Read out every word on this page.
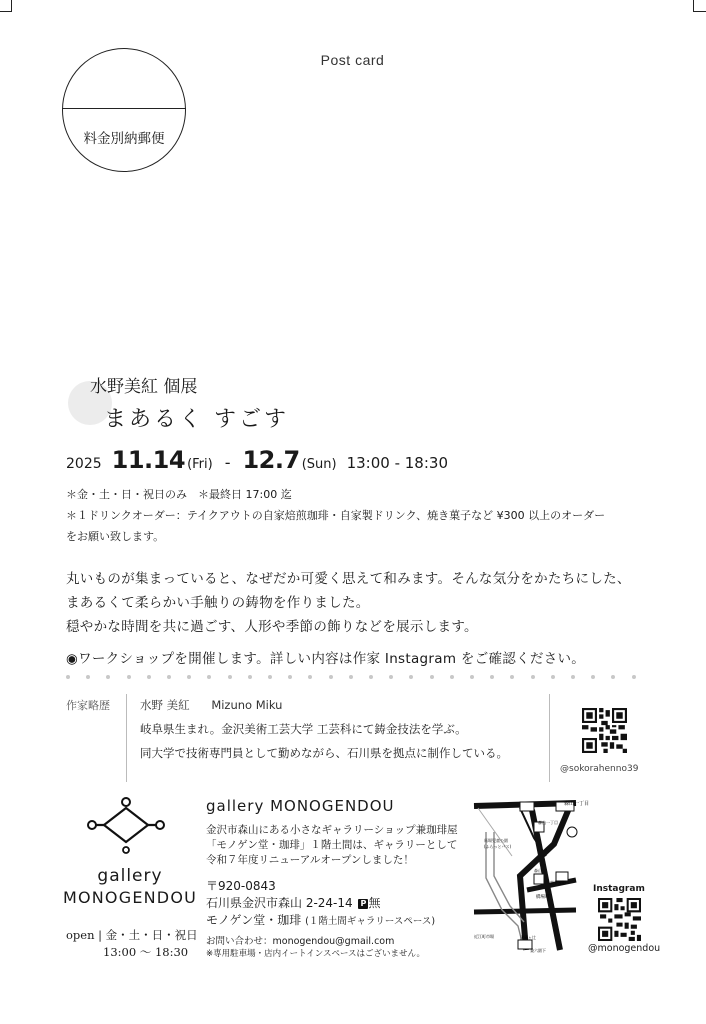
Post card
料金別納郵便
水野美紅 個展
まあるく すごす
2025 11.14 (Fri) - 12.7 (Sun) 13:00 - 18:30
＊金・土・日・祝日のみ　＊最終日 17:00 迄
＊１ドリンクオーダー：テイクアウトの自家焙煎珈琲・自家製ドリンク、焼き菓子など ¥300 以上のオーダー
をお願い致します。
丸いものが集まっていると、なぜだか可愛く思えて和みます。そんな気分をかたちにした、
まあるくて柔らかい手触りの鋳物を作りました。
穏やかな時間を共に過ごす、人形や季節の飾りなどを展示します。
◉ワークショップを開催します。詳しい内容は作家 Instagram をご確認ください。
作家略歴	水野 美紅 Mizuno Miku
岐阜県生まれ。金沢美術工芸大学 工芸科にて鋳金技法を学ぶ。
同大学で技術専門員として勤めながら、石川県を拠点に制作している。
@sokorahenno39
gallery
MONOGENDOU
open | 金・土・日・祝日
13:00 〜 18:30
gallery MONOGENDOU
金沢市森山にある小さなギャラリーショップ兼珈琲屋
「モノゲン堂・珈琲」１階土間は、ギャラリーとして
令和７年度リニューアルオープンしました！
〒920-0843
石川県金沢市森山 2-24-14 P 無
モノゲン堂・珈琲 (１階土間ギャラリースペース)
お問い合わせ：monogendou@gmail.com
※専用駐車場・店内イートインスペースはございません。
森山一丁目
森山一丁目
森山
馬場児童公園
(ふらっとバス)
橋場町
東茶屋街
近江町市場	武蔵ヶ辻
兼六園下
Instagram
@monogendou
